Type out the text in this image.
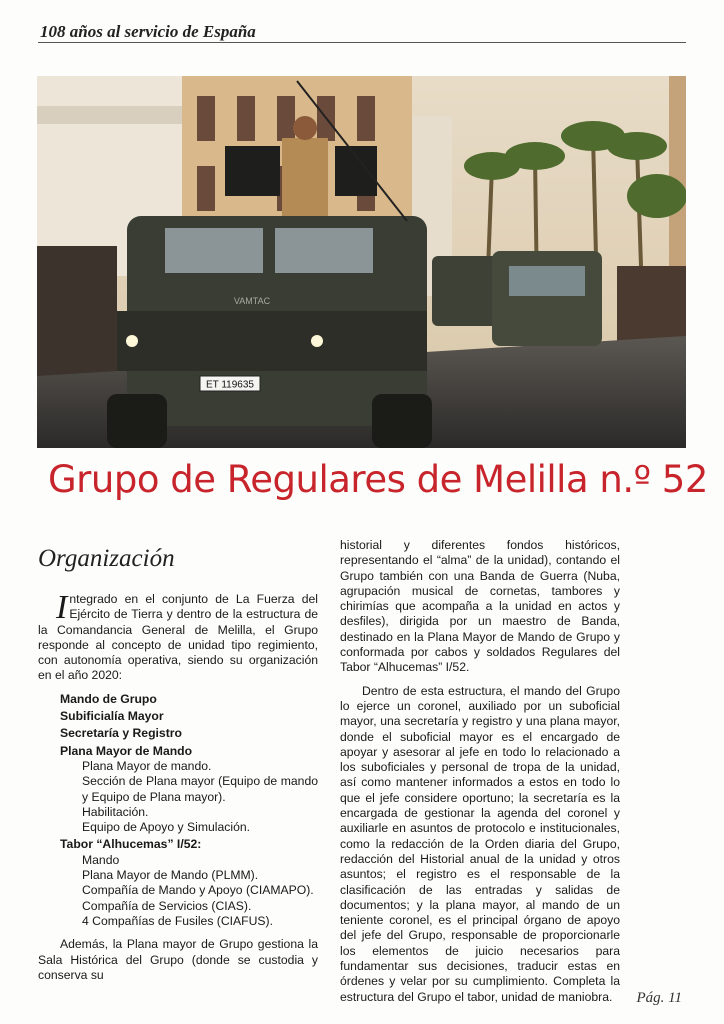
108 años al servicio de España
ET 119635
VAMTAC
Grupo de Regulares de Melilla n.º 52
Organización

Integrado en el conjunto de La Fuerza del Ejército de Tierra y dentro de la estructura de la Comandancia General de Melilla, el Grupo responde al concepto de unidad tipo regimiento, con autonomía operativa, siendo su organización en el año 2020:

Mando de Grupo
Subificialía Mayor
Secretaría y Registro
Plana Mayor de Mando
Plana Mayor de mando.
Sección de Plana mayor (Equipo de mando y Equipo de Plana mayor).
Habilitación.
Equipo de Apoyo y Simulación.
Tabor “Alhucemas” I/52:
Mando
Plana Mayor de Mando (PLMM).
Compañía de Mando y Apoyo (CIAMAPO).
Compañía de Servicios (CIAS).
4 Compañías de Fusiles (CIAFUS).

Además, la Plana mayor de Grupo gestiona la Sala Histórica del Grupo (donde se custodia y conserva su

historial y diferentes fondos históricos, representando el “alma” de la unidad), contando el Grupo también con una Banda de Guerra (Nuba, agrupación musical de cornetas, tambores y chirimías que acompaña a la unidad en actos y desfiles), dirigida por un maestro de Banda, destinado en la Plana Mayor de Mando de Grupo y conformada por cabos y soldados Regulares del Tabor “Alhucemas” I/52.

Dentro de esta estructura, el mando del Grupo lo ejerce un coronel, auxiliado por un suboficial mayor, una secretaría y registro y una plana mayor, donde el suboficial mayor es el encargado de apoyar y asesorar al jefe en todo lo relacionado a los suboficiales y personal de tropa de la unidad, así como mantener informados a estos en todo lo que el jefe considere oportuno; la secretaría es la encargada de gestionar la agenda del coronel y auxiliarle en asuntos de protocolo e institucionales, como la redacción de la Orden diaria del Grupo, redacción del Historial anual de la unidad y otros asuntos; el registro es el responsable de la clasificación de las entradas y salidas de documentos; y la plana mayor, al mando de un teniente coronel, es el principal órgano de apoyo del jefe del Grupo, responsable de proporcionarle los elementos de juicio necesarios para fundamentar sus decisiones, traducir estas en órdenes y velar por su cumplimiento. Completa la estructura del Grupo el tabor, unidad de maniobra.	Pág. 11
